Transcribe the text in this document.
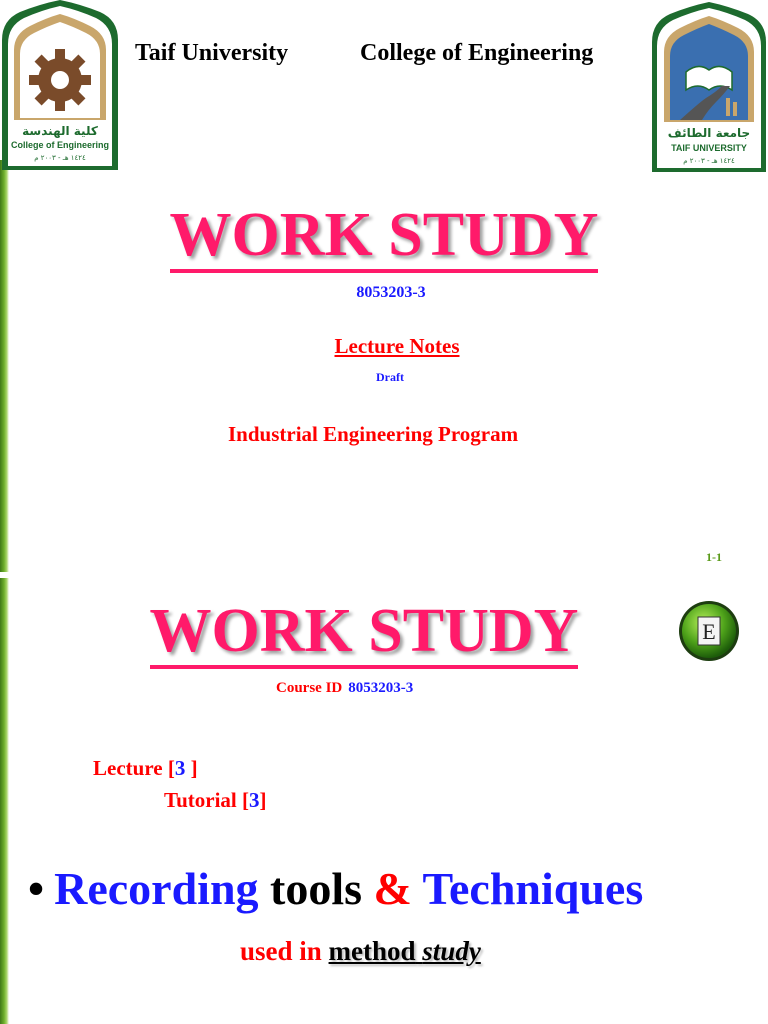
كلية الهندسة
College of Engineering
١٤٢٤ هـ - ٢٠٠٣ م
Taif University	College of Engineering
جامعة الطائف
TAIF UNIVERSITY
١٤٢٤ هـ - ٢٠٠٣ م
WORK STUDY
8053203-3
Lecture Notes
Draft
Industrial Engineering Program
1-1
WORK STUDY	E
Course ID 8053203-3
Lecture [3 ]
Tutorial [3]
• Recording tools & Techniques
used in method study
